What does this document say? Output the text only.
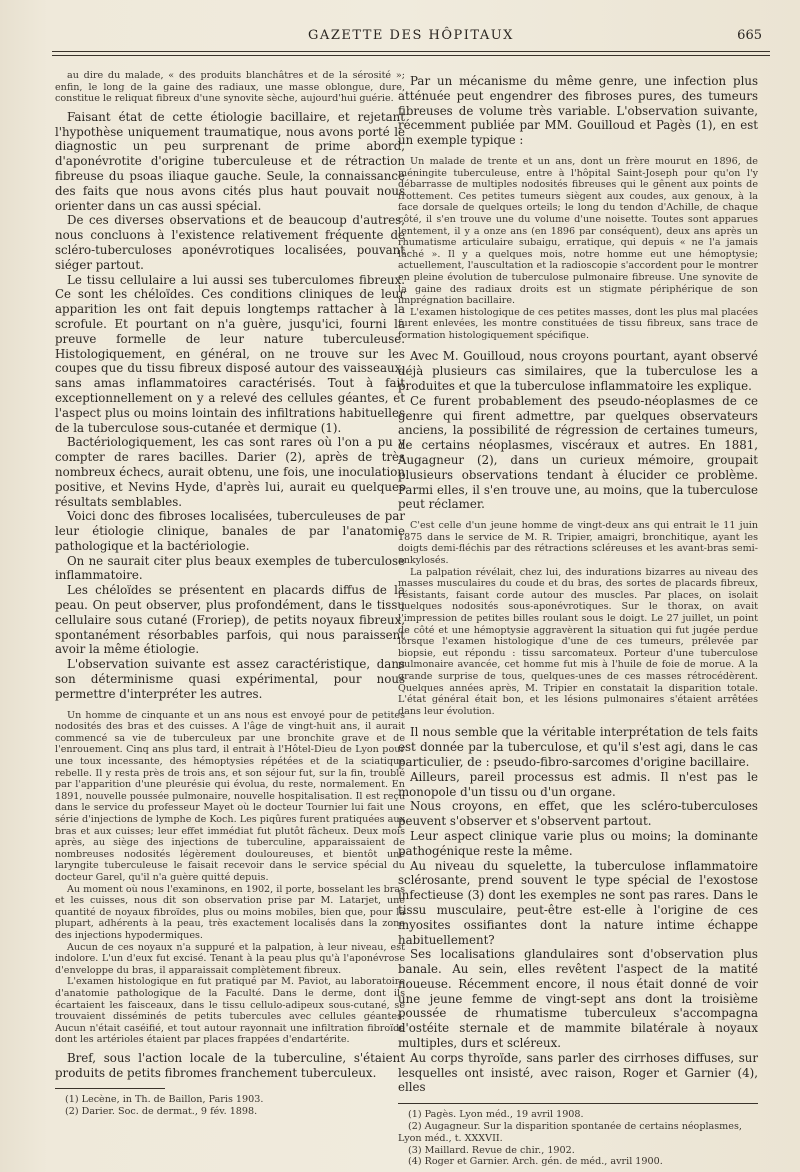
GAZETTE DES HÔPITAUX	665

au dire du malade, « des produits blanchâtres et de la sérosité »; enfin, le long de la gaine des radiaux, une masse oblongue, dure, constitue le reliquat fibreux d'une synovite sèche, aujourd'hui guérie.

Faisant état de cette étiologie bacillaire, et rejetant l'hypothèse uniquement traumatique, nous avons porté le diagnostic un peu surprenant de prime abord, d'aponévrotite d'origine tuberculeuse et de rétraction fibreuse du psoas iliaque gauche. Seule, la connaissance des faits que nous avons cités plus haut pouvait nous orienter dans un cas aussi spécial.

De ces diverses observations et de beaucoup d'autres, nous concluons à l'existence relativement fréquente de scléro-tuberculoses aponévrotiques localisées, pouvant siéger partout.

Le tissu cellulaire a lui aussi ses tuberculomes fibreux. Ce sont les chéloïdes. Ces conditions cliniques de leur apparition les ont fait depuis longtemps rattacher à la scrofule. Et pourtant on n'a guère, jusqu'ici, fourni la preuve formelle de leur nature tuberculeuse. Histologiquement, en général, on ne trouve sur les coupes que du tissu fibreux disposé autour des vaisseaux, sans amas inflammatoires caractérisés. Tout à fait exceptionnellement on y a relevé des cellules géantes, et l'aspect plus ou moins lointain des infiltrations habituelles de la tuberculose sous-cutanée et dermique (1).

Bactériologiquement, les cas sont rares où l'on a pu y compter de rares bacilles. Darier (2), après de très nombreux échecs, aurait obtenu, une fois, une inoculation positive, et Nevins Hyde, d'après lui, aurait eu quelques résultats semblables.

Voici donc des fibroses localisées, tuberculeuses de par leur étiologie clinique, banales de par l'anatomie pathologique et la bactériologie.

On ne saurait citer plus beaux exemples de tuberculose inflammatoire.

Les chéloïdes se présentent en placards diffus de la peau. On peut observer, plus profondément, dans le tissu cellulaire sous cutané (Froriep), de petits noyaux fibreux, spontanément résorbables parfois, qui nous paraissent avoir la même étiologie.

L'observation suivante est assez caractéristique, dans son déterminisme quasi expérimental, pour nous permettre d'interpréter les autres.

Un homme de cinquante et un ans nous est envoyé pour de petites nodosités des bras et des cuisses. A l'âge de vingt-huit ans, il aurait commencé sa vie de tuberculeux par une bronchite grave et de l'enrouement. Cinq ans plus tard, il entrait à l'Hôtel-Dieu de Lyon pour une toux incessante, des hémoptysies répétées et de la sciatique rebelle. Il y resta près de trois ans, et son séjour fut, sur la fin, troublé par l'apparition d'une pleurésie qui évolua, du reste, normalement. En 1891, nouvelle poussée pulmonaire, nouvelle hospitalisation. Il est reçu dans le service du professeur Mayet où le docteur Tournier lui fait une série d'injections de lymphe de Koch. Les piqûres furent pratiquées aux bras et aux cuisses; leur effet immédiat fut plutôt fâcheux. Deux mois après, au siège des injections de tuberculine, apparaissaient de nombreuses nodosités légèrement douloureuses, et bientôt une laryngite tuberculeuse le faisait recevoir dans le service spécial du docteur Garel, qu'il n'a guère quitté depuis.

Au moment où nous l'examinons, en 1902, il porte, bosselant les bras et les cuisses, nous dit son observation prise par M. Latarjet, une quantité de noyaux fibroïdes, plus ou moins mobiles, bien que, pour la plupart, adhérents à la peau, très exactement localisés dans la zone des injections hypodermiques.

Aucun de ces noyaux n'a suppuré et la palpation, à leur niveau, est indolore. L'un d'eux fut excisé. Tenant à la peau plus qu'à l'aponévrose d'enveloppe du bras, il apparaissait complètement fibreux.

L'examen histologique en fut pratiqué par M. Paviot, au laboratoire d'anatomie pathologique de la Faculté. Dans le derme, dont ils écartaient les faisceaux, dans le tissu cellulo-adipeux sous-cutané, se trouvaient disséminés de petits tubercules avec cellules géantes. Aucun n'était caséifié, et tout autour rayonnait une infiltration fibroïde dont les artérioles étaient par places frappées d'endartérite.

Bref, sous l'action locale de la tuberculine, s'étaient produits de petits fibromes franchement tuberculeux.

(1) Lecène, in Th. de Baillon, Paris 1903.

(2) Darier. Soc. de dermat., 9 fév. 1898.

Par un mécanisme du même genre, une infection plus atténuée peut engendrer des fibroses pures, des tumeurs fibreuses de volume très variable. L'observation suivante, récemment publiée par MM. Gouilloud et Pagès (1), en est un exemple typique :

Un malade de trente et un ans, dont un frère mourut en 1896, de méningite tuberculeuse, entre à l'hôpital Saint-Joseph pour qu'on l'y débarrasse de multiples nodosités fibreuses qui le gênent aux points de frottement. Ces petites tumeurs siègent aux coudes, aux genoux, à la face dorsale de quelques orteils; le long du tendon d'Achille, de chaque côté, il s'en trouve une du volume d'une noisette. Toutes sont apparues lentement, il y a onze ans (en 1896 par conséquent), deux ans après un rhumatisme articulaire subaigu, erratique, qui depuis « ne l'a jamais lâché ». Il y a quelques mois, notre homme eut une hémoptysie; actuellement, l'auscultation et la radioscopie s'accordent pour le montrer en pleine évolution de tuberculose pulmonaire fibreuse. Une synovite de la gaine des radiaux droits est un stigmate périphérique de son imprégnation bacillaire.

L'examen histologique de ces petites masses, dont les plus mal placées furent enlevées, les montre constituées de tissu fibreux, sans trace de formation histologiquement spécifique.

Avec M. Gouilloud, nous croyons pourtant, ayant observé déjà plusieurs cas similaires, que la tuberculose les a produites et que la tuberculose inflammatoire les explique.

Ce furent probablement des pseudo-néoplasmes de ce genre qui firent admettre, par quelques observateurs anciens, la possibilité de régression de certaines tumeurs, de certains néoplasmes, viscéraux et autres. En 1881, Augagneur (2), dans un curieux mémoire, groupait plusieurs observations tendant à élucider ce problème. Parmi elles, il s'en trouve une, au moins, que la tuberculose peut réclamer.

C'est celle d'un jeune homme de vingt-deux ans qui entrait le 11 juin 1875 dans le service de M. R. Tripier, amaigri, bronchitique, ayant les doigts demi-fléchis par des rétractions scléreuses et les avant-bras semi-ankylosés.

La palpation révélait, chez lui, des indurations bizarres au niveau des masses musculaires du coude et du bras, des sortes de placards fibreux, résistants, faisant corde autour des muscles. Par places, on isolait quelques nodosités sous-aponévrotiques. Sur le thorax, on avait l'impression de petites billes roulant sous le doigt. Le 27 juillet, un point de côté et une hémoptysie aggravèrent la situation qui fut jugée perdue lorsque l'examen histologique d'une de ces tumeurs, prélevée par biopsie, eut répondu : tissu sarcomateux. Porteur d'une tuberculose pulmonaire avancée, cet homme fut mis à l'huile de foie de morue. A la grande surprise de tous, quelques-unes de ces masses rétrocédèrent. Quelques années après, M. Tripier en constatait la disparition totale. L'état général était bon, et les lésions pulmonaires s'étaient arrêtées dans leur évolution.

Il nous semble que la véritable interprétation de tels faits est donnée par la tuberculose, et qu'il s'est agi, dans le cas particulier, de : pseudo-fibro-sarcomes d'origine bacillaire.

Ailleurs, pareil processus est admis. Il n'est pas le monopole d'un tissu ou d'un organe.

Nous croyons, en effet, que les scléro-tuberculoses peuvent s'observer et s'observent partout.

Leur aspect clinique varie plus ou moins; la dominante pathogénique reste la même.

Au niveau du squelette, la tuberculose inflammatoire sclérosante, prend souvent le type spécial de l'exostose infectieuse (3) dont les exemples ne sont pas rares. Dans le tissu musculaire, peut-être est-elle à l'origine de ces myosites ossifiantes dont la nature intime échappe habituellement?

Ses localisations glandulaires sont d'observation plus banale. Au sein, elles revêtent l'aspect de la matité noueuse. Récemment encore, il nous était donné de voir une jeune femme de vingt-sept ans dont la troisième poussée de rhumatisme tuberculeux s'accompagna d'ostéite sternale et de mammite bilatérale à noyaux multiples, durs et scléreux.

Au corps thyroïde, sans parler des cirrhoses diffuses, sur lesquelles ont insisté, avec raison, Roger et Garnier (4), elles

(1) Pagès. Lyon méd., 19 avril 1908.

(2) Augagneur. Sur la disparition spontanée de certains néoplasmes, Lyon méd., t. XXXVII.

(3) Maillard. Revue de chir., 1902.

(4) Roger et Garnier. Arch. gén. de méd., avril 1900.
